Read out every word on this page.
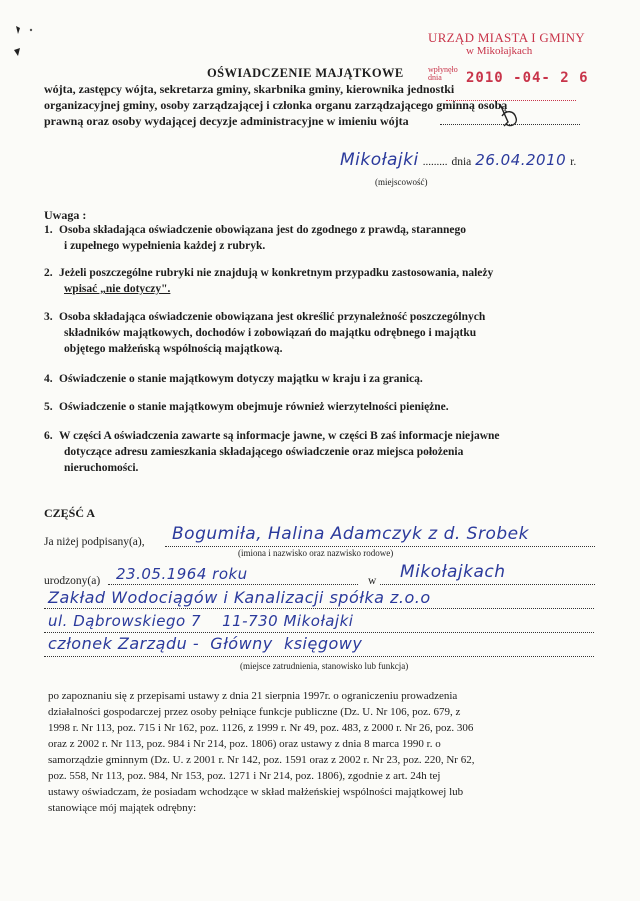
URZĄD MIASTA I GMINY
w Mikołajkach
wpłynęło dnia	2010 -04- 2 6
OŚWIADCZENIE MAJĄTKOWE
wójta, zastępcy wójta, sekretarza gminy, skarbnika gminy, kierownika jednostki
organizacyjnej gminy, osoby zarządzającej i członka organu zarządzającego gminną osobą
prawną oraz osoby wydającej decyzje administracyjne w imieniu wójta
Mikołajki ......... dnia 26.04.2010 r.
(miejscowość)
Uwaga :
1. Osoba składająca oświadczenie obowiązana jest do zgodnego z prawdą, starannego
i zupełnego wypełnienia każdej z rubryk.
2. Jeżeli poszczególne rubryki nie znajdują w konkretnym przypadku zastosowania, należy
wpisać „nie dotyczy".
3. Osoba składająca oświadczenie obowiązana jest określić przynależność poszczególnych
składników majątkowych, dochodów i zobowiązań do majątku odrębnego i majątku
objętego małżeńską wspólnością majątkową.
4. Oświadczenie o stanie majątkowym dotyczy majątku w kraju i za granicą.
5. Oświadczenie o stanie majątkowym obejmuje również wierzytelności pieniężne.
6. W części A oświadczenia zawarte są informacje jawne, w części B zaś informacje niejawne
dotyczące adresu zamieszkania składającego oświadczenie oraz miejsca położenia
nieruchomości.
CZĘŚĆ A
Ja niżej podpisany(a), Bogumiła, Halina Adamczyk z d. Srobek
(imiona i nazwisko oraz nazwisko rodowe)
urodzony(a) 23.05.1964 roku	w Mikołajkach
Zakład Wodociągów i Kanalizacji spółka z.o.o
ul. Dąbrowskiego 7    11-730 Mikołajki
członek Zarządu -  Główny  księgowy
(miejsce zatrudnienia, stanowisko lub funkcja)
po zapoznaniu się z przepisami ustawy z dnia 21 sierpnia 1997r. o ograniczeniu prowadzenia
działalności gospodarczej przez osoby pełniące funkcje publiczne (Dz. U. Nr 106, poz. 679, z
1998 r. Nr 113, poz. 715 i Nr 162, poz. 1126, z 1999 r. Nr 49, poz. 483, z 2000 r. Nr 26, poz. 306
oraz z 2002 r. Nr 113, poz. 984 i Nr 214, poz. 1806) oraz ustawy z dnia 8 marca 1990 r. o
samorządzie gminnym (Dz. U. z 2001 r. Nr 142, poz. 1591 oraz z 2002 r. Nr 23, poz. 220, Nr 62,
poz. 558, Nr 113, poz. 984, Nr 153, poz. 1271 i Nr 214, poz. 1806), zgodnie z art. 24h tej
ustawy oświadczam, że posiadam wchodzące w skład małżeńskiej wspólności majątkowej lub
stanowiące mój majątek odrębny:
